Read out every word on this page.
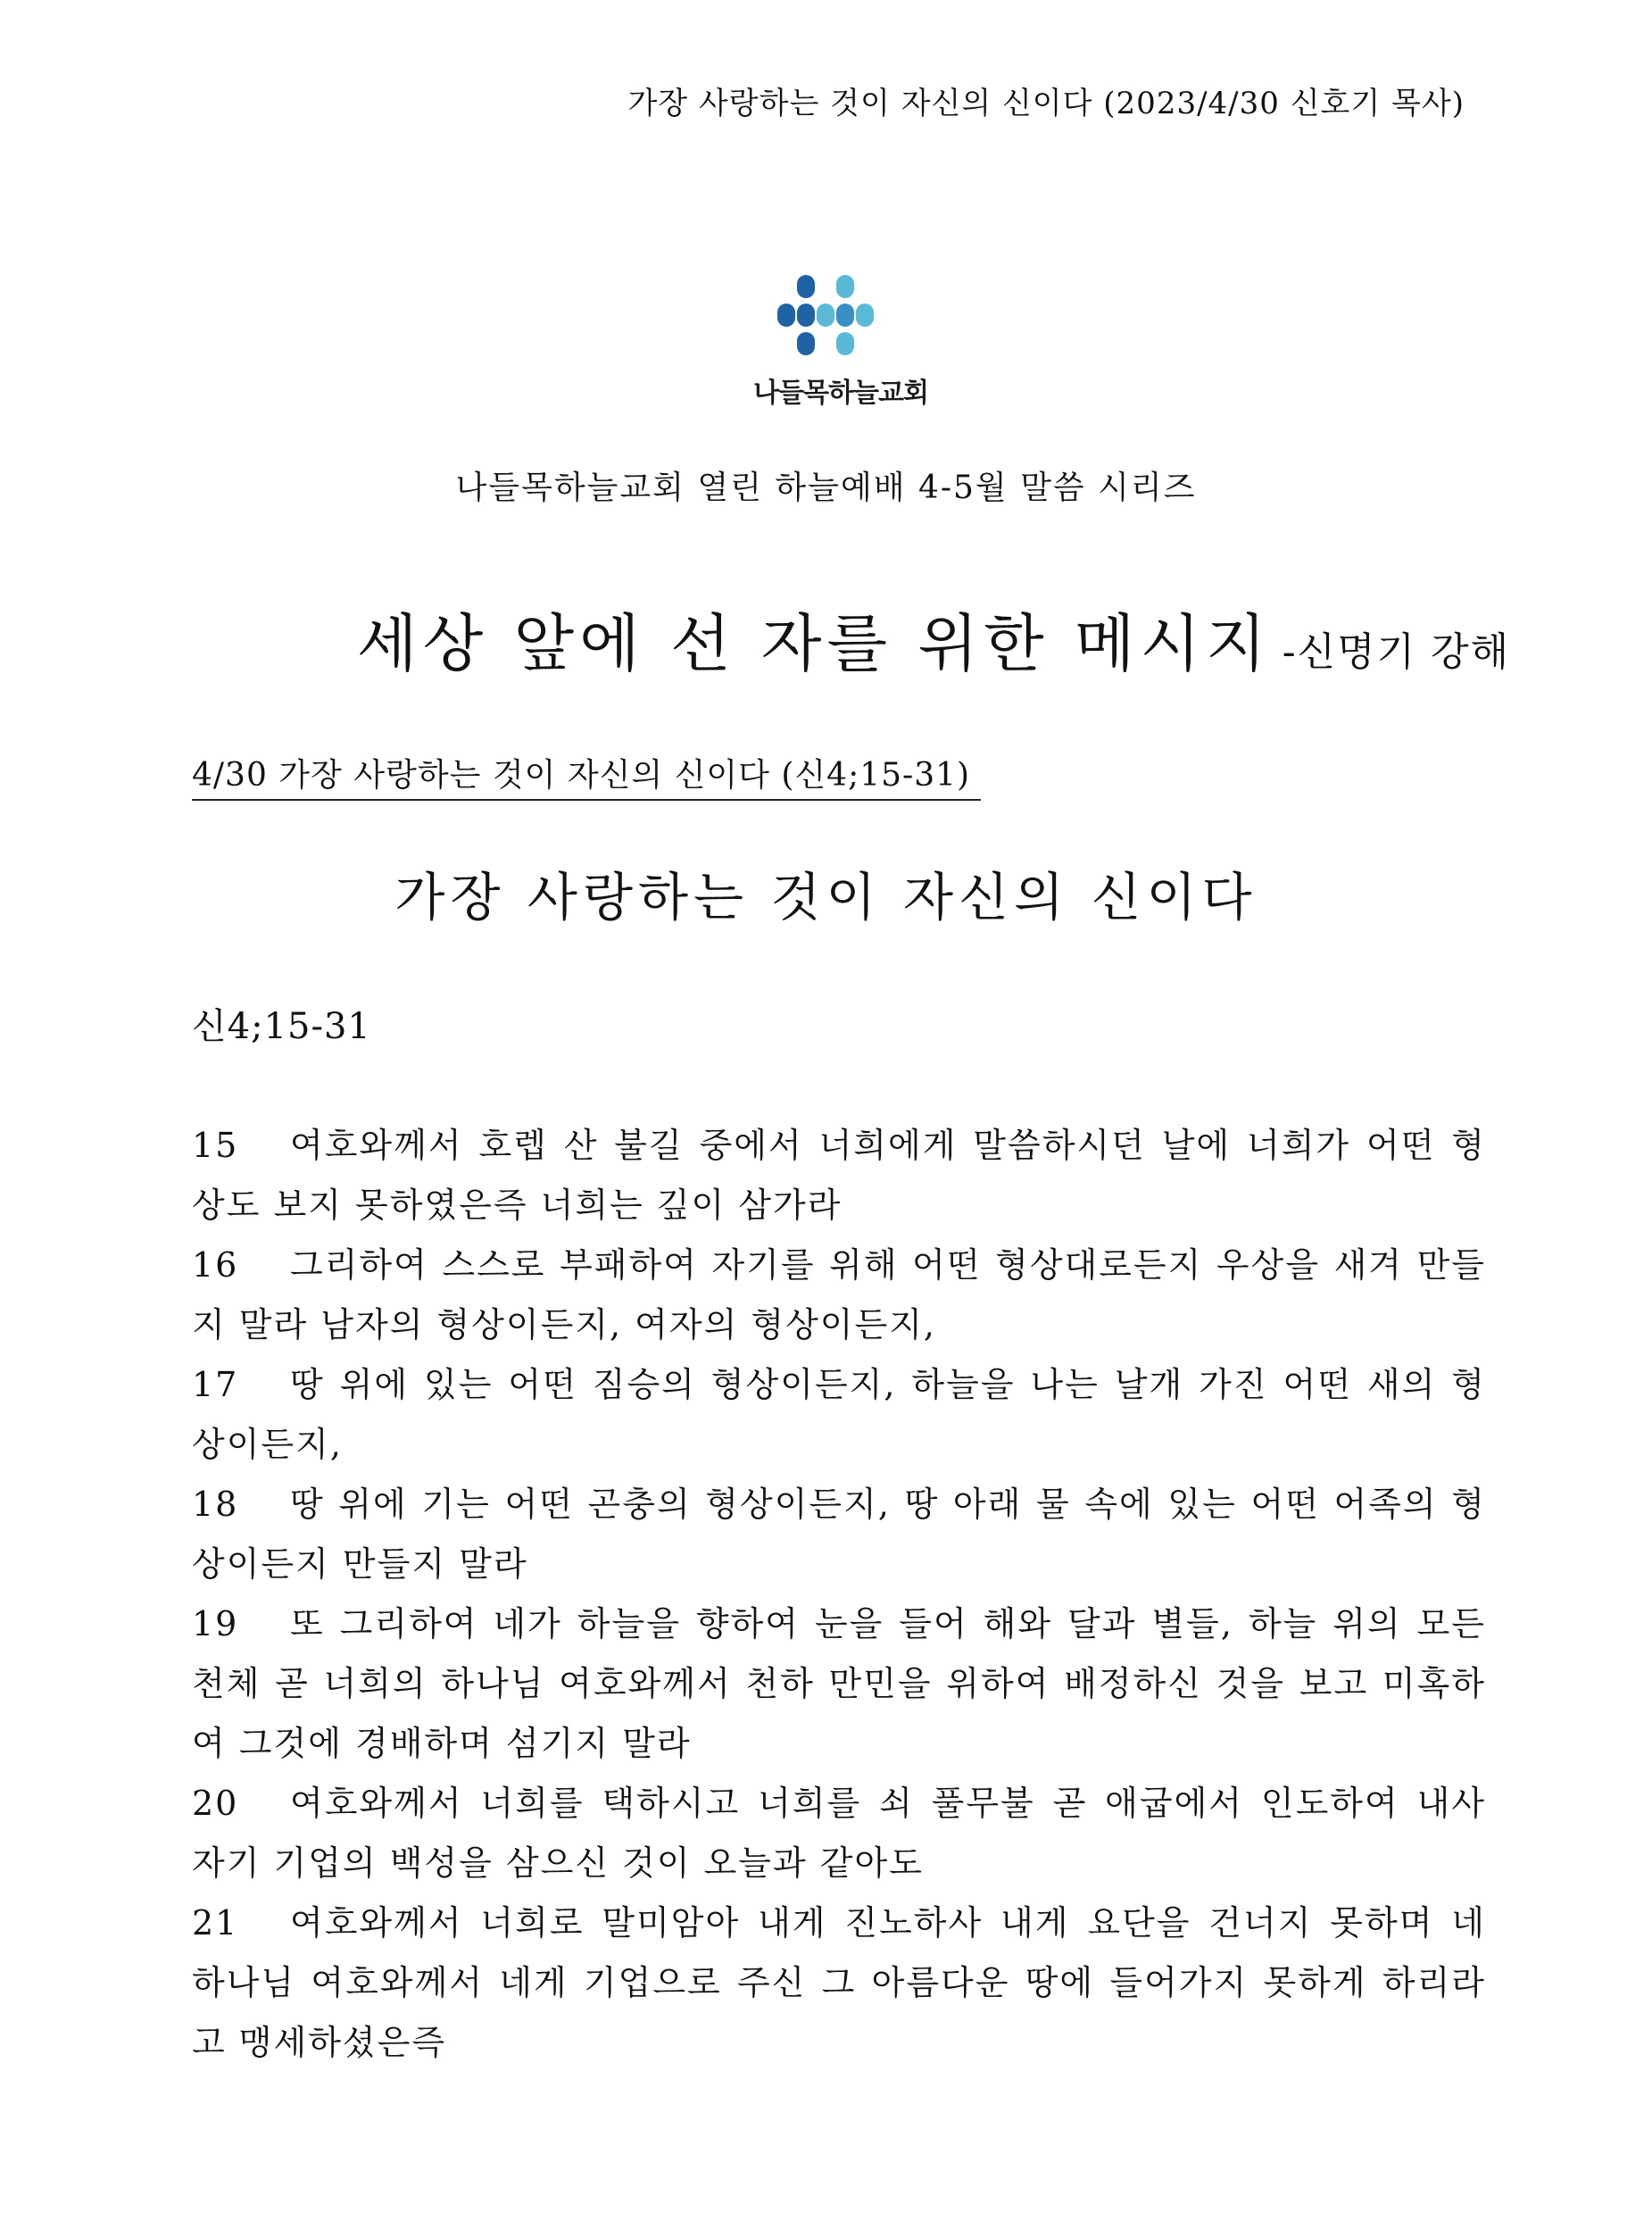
가장 사랑하는 것이 자신의 신이다 (2023/4/30 신호기 목사)
나들목하늘교회
나들목하늘교회 열린 하늘예배 4-5월 말씀 시리즈
세상 앞에 선 자를 위한 메시지 -신명기 강해
4/30 가장 사랑하는 것이 자신의 신이다 (신4;15-31)
가장 사랑하는 것이 자신의 신이다
신4;15-31

15 여호와께서 호렙 산 불길 중에서 너희에게 말씀하시던 날에 너희가 어떤 형상도 보지 못하였은즉 너희는 깊이 삼가라

16 그리하여 스스로 부패하여 자기를 위해 어떤 형상대로든지 우상을 새겨 만들지 말라 남자의 형상이든지, 여자의 형상이든지,

17 땅 위에 있는 어떤 짐승의 형상이든지, 하늘을 나는 날개 가진 어떤 새의 형상이든지,

18 땅 위에 기는 어떤 곤충의 형상이든지, 땅 아래 물 속에 있는 어떤 어족의 형상이든지 만들지 말라

19 또 그리하여 네가 하늘을 향하여 눈을 들어 해와 달과 별들, 하늘 위의 모든 천체 곧 너희의 하나님 여호와께서 천하 만민을 위하여 배정하신 것을 보고 미혹하여 그것에 경배하며 섬기지 말라

20 여호와께서 너희를 택하시고 너희를 쇠 풀무불 곧 애굽에서 인도하여 내사 자기 기업의 백성을 삼으신 것이 오늘과 같아도

21 여호와께서 너희로 말미암아 내게 진노하사 내게 요단을 건너지 못하며 네 하나님 여호와께서 네게 기업으로 주신 그 아름다운 땅에 들어가지 못하게 하리라고 맹세하셨은즉
